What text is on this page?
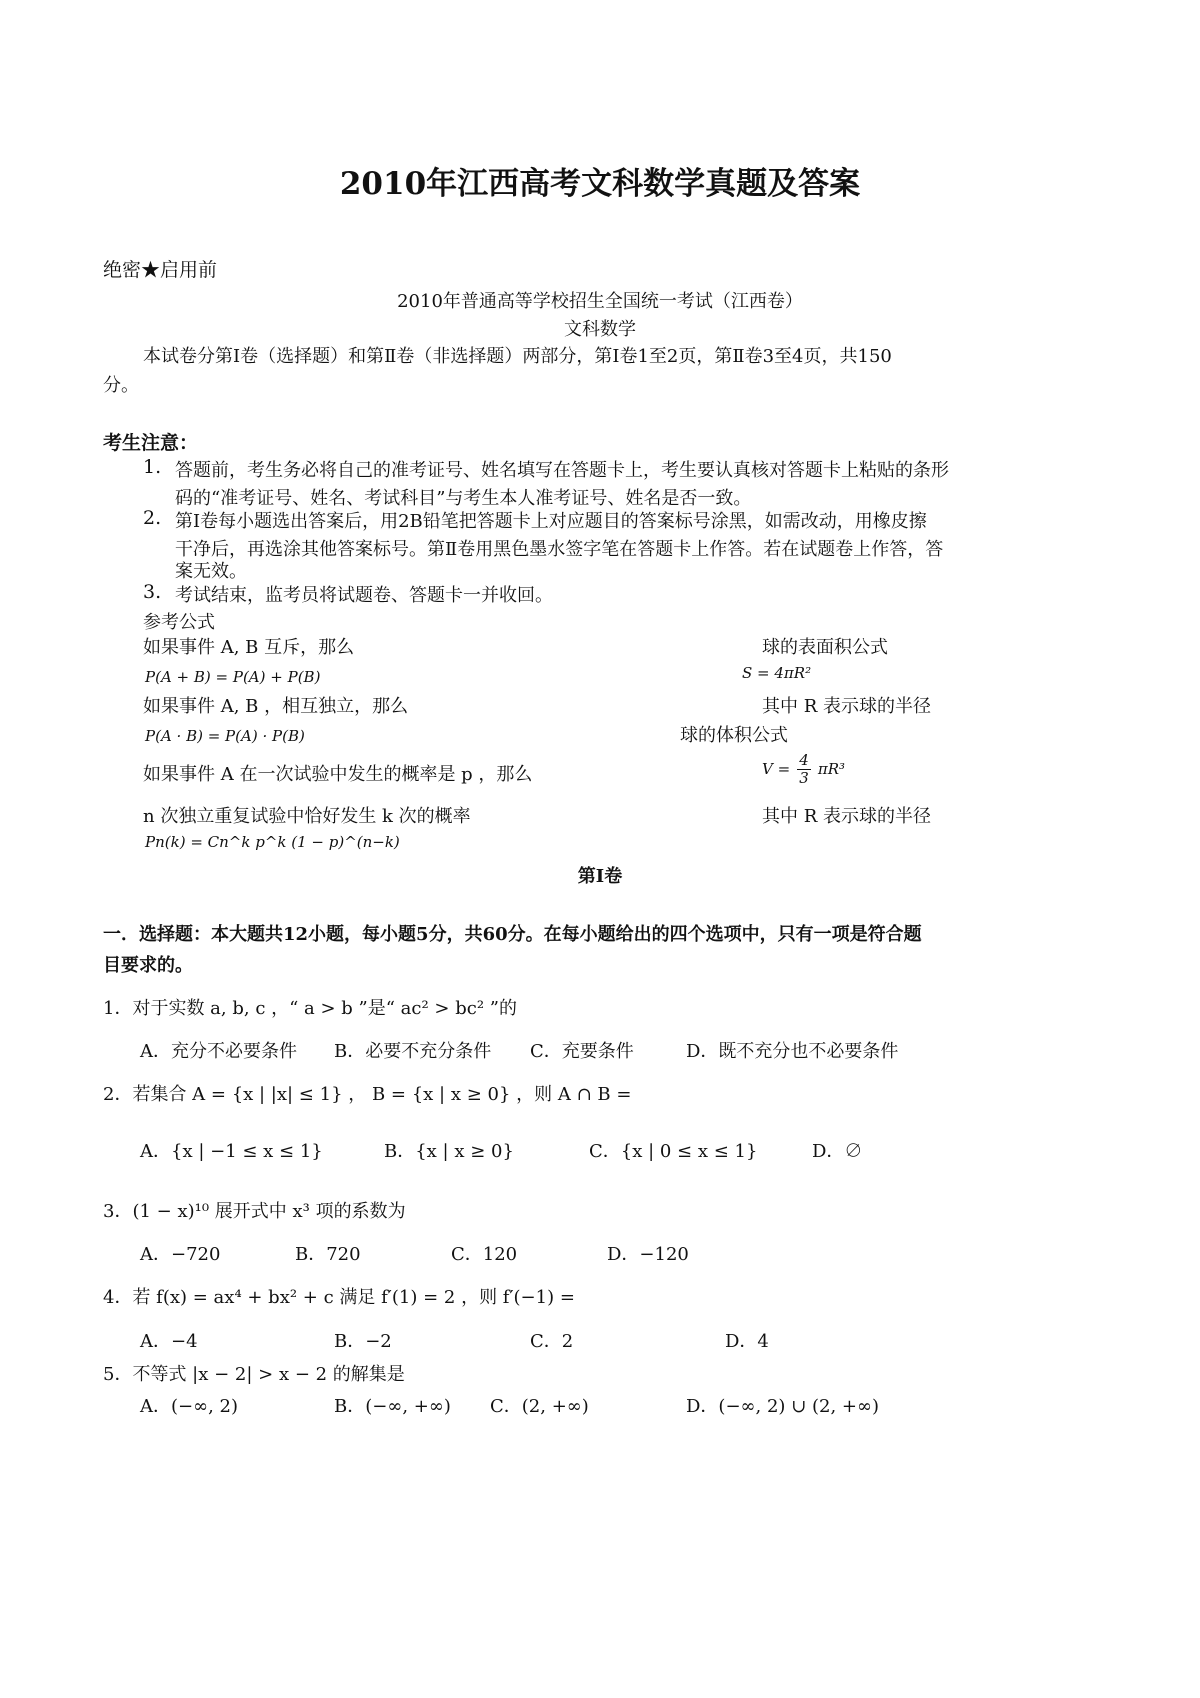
2010年江西高考文科数学真题及答案
绝密★启用前
2010年普通高等学校招生全国统一考试（江西卷）
文科数学
本试卷分第Ⅰ卷（选择题）和第Ⅱ卷（非选择题）两部分，第Ⅰ卷1至2页，第Ⅱ卷3至4页，共150
分。
考生注意：
1. 答题前，考生务必将自己的准考证号、姓名填写在答题卡上，考生要认真核对答题卡上粘贴的条形
码的“准考证号、姓名、考试科目”与考生本人准考证号、姓名是否一致。
2. 第Ⅰ卷每小题选出答案后，用2B铅笔把答题卡上对应题目的答案标号涂黑，如需改动，用橡皮擦
干净后，再选涂其他答案标号。第Ⅱ卷用黑色墨水签字笔在答题卡上作答。若在试题卷上作答，答
案无效。
3. 考试结束，监考员将试题卷、答题卡一并收回。
参考公式
如果事件 A, B 互斥，那么
P(A + B) = P(A) + P(B)
如果事件 A, B ，相互独立，那么
P(A · B) = P(A) · P(B)
如果事件 A 在一次试验中发生的概率是 p ，那么
n 次独立重复试验中恰好发生 k 次的概率
Pn(k) = Cn^k p^k (1 − p)^(n−k)
球的表面积公式
S = 4πR²
其中 R 表示球的半径
球的体积公式
$V = \frac{4}{3} \pi R^3$
其中 R 表示球的半径
第Ⅰ卷
一．选择题：本大题共12小题，每小题5分，共60分。在每小题给出的四个选项中，只有一项是符合题
目要求的。
1．对于实数 a, b, c ，“ a > b ”是“ ac² > bc² ”的
A．充分不必要条件 B．必要不充分条件 C．充要条件	D．既不充分也不必要条件
2．若集合 A = {x | |x| ≤ 1} ， B = {x | x ≥ 0} ，则 A ∩ B =
A．{x | −1 ≤ x ≤ 1}	B．{x | x ≥ 0}	C．{x | 0 ≤ x ≤ 1}	D．∅
3．(1 − x)¹⁰ 展开式中 x³ 项的系数为
A．−720	B．720	C．120	D．−120
4．若 f(x) = ax⁴ + bx² + c 满足 f′(1) = 2 ，则 f′(−1) =
A．−4	B．−2	C．2	D．4
5．不等式 |x − 2| > x − 2 的解集是
A．(−∞, 2)	B．(−∞, +∞) C．(2, +∞)	D．(−∞, 2) ∪ (2, +∞)
